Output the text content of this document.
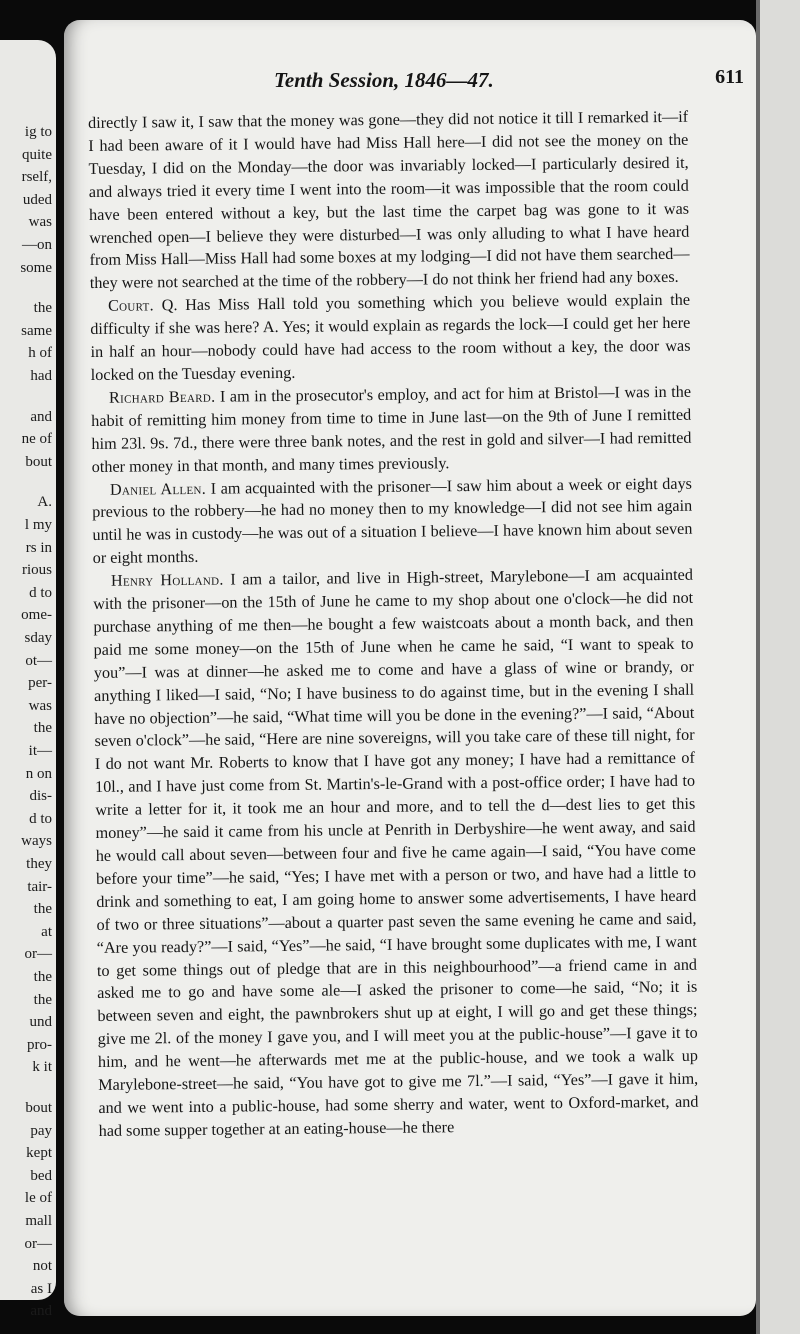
ig to
quite
rself,
uded
was
—on
some
the
same
h of
had
and
ne of
bout
A.
l my
rs in
rious
d to
ome-
sday
ot—
per-
was
the
it—
n on
dis-
d to
ways
they
tair-
the
at
or—
the
the
und
pro-
k it
bout
pay
kept
bed
le of
mall
or—
not
as I
and
Tenth Session, 1846—47.	611

directly I saw it, I saw that the money was gone—they did not notice it till I remarked it—if I had been aware of it I would have had Miss Hall here—I did not see the money on the Tuesday, I did on the Monday—the door was invariably locked—I particularly desired it, and always tried it every time I went into the room—it was impossible that the room could have been entered without a key, but the last time the carpet bag was gone to it was wrenched open—I believe they were disturbed—I was only alluding to what I have heard from Miss Hall—Miss Hall had some boxes at my lodging—I did not have them searched—they were not searched at the time of the robbery—I do not think her friend had any boxes.

Court. Q. Has Miss Hall told you something which you believe would explain the difficulty if she was here? A. Yes; it would explain as regards the lock—I could get her here in half an hour—nobody could have had access to the room without a key, the door was locked on the Tuesday evening.

Richard Beard. I am in the prosecutor's employ, and act for him at Bristol—I was in the habit of remitting him money from time to time in June last—on the 9th of June I remitted him 23l. 9s. 7d., there were three bank notes, and the rest in gold and silver—I had remitted other money in that month, and many times previously.

Daniel Allen. I am acquainted with the prisoner—I saw him about a week or eight days previous to the robbery—he had no money then to my knowledge—I did not see him again until he was in custody—he was out of a situation I believe—I have known him about seven or eight months.

Henry Holland. I am a tailor, and live in High-street, Marylebone—I am acquainted with the prisoner—on the 15th of June he came to my shop about one o'clock—he did not purchase anything of me then—he bought a few waistcoats about a month back, and then paid me some money—on the 15th of June when he came he said, “I want to speak to you”—I was at dinner—he asked me to come and have a glass of wine or brandy, or anything I liked—I said, “No; I have business to do against time, but in the evening I shall have no objection”—he said, “What time will you be done in the evening?”—I said, “About seven o'clock”—he said, “Here are nine sovereigns, will you take care of these till night, for I do not want Mr. Roberts to know that I have got any money; I have had a remittance of 10l., and I have just come from St. Martin's-le-Grand with a post-office order; I have had to write a letter for it, it took me an hour and more, and to tell the d—dest lies to get this money”—he said it came from his uncle at Penrith in Derbyshire—he went away, and said he would call about seven—between four and five he came again—I said, “You have come before your time”—he said, “Yes; I have met with a person or two, and have had a little to drink and something to eat, I am going home to answer some advertisements, I have heard of two or three situations”—about a quarter past seven the same evening he came and said, “Are you ready?”—I said, “Yes”—he said, “I have brought some duplicates with me, I want to get some things out of pledge that are in this neighbourhood”—a friend came in and asked me to go and have some ale—I asked the prisoner to come—he said, “No; it is between seven and eight, the pawnbrokers shut up at eight, I will go and get these things; give me 2l. of the money I gave you, and I will meet you at the public-house”—I gave it to him, and he went—he afterwards met me at the public-house, and we took a walk up Marylebone-street—he said, “You have got to give me 7l.”—I said, “Yes”—I gave it him, and we went into a public-house, had some sherry and water, went to Oxford-market, and had some supper together at an eating-house—he there
